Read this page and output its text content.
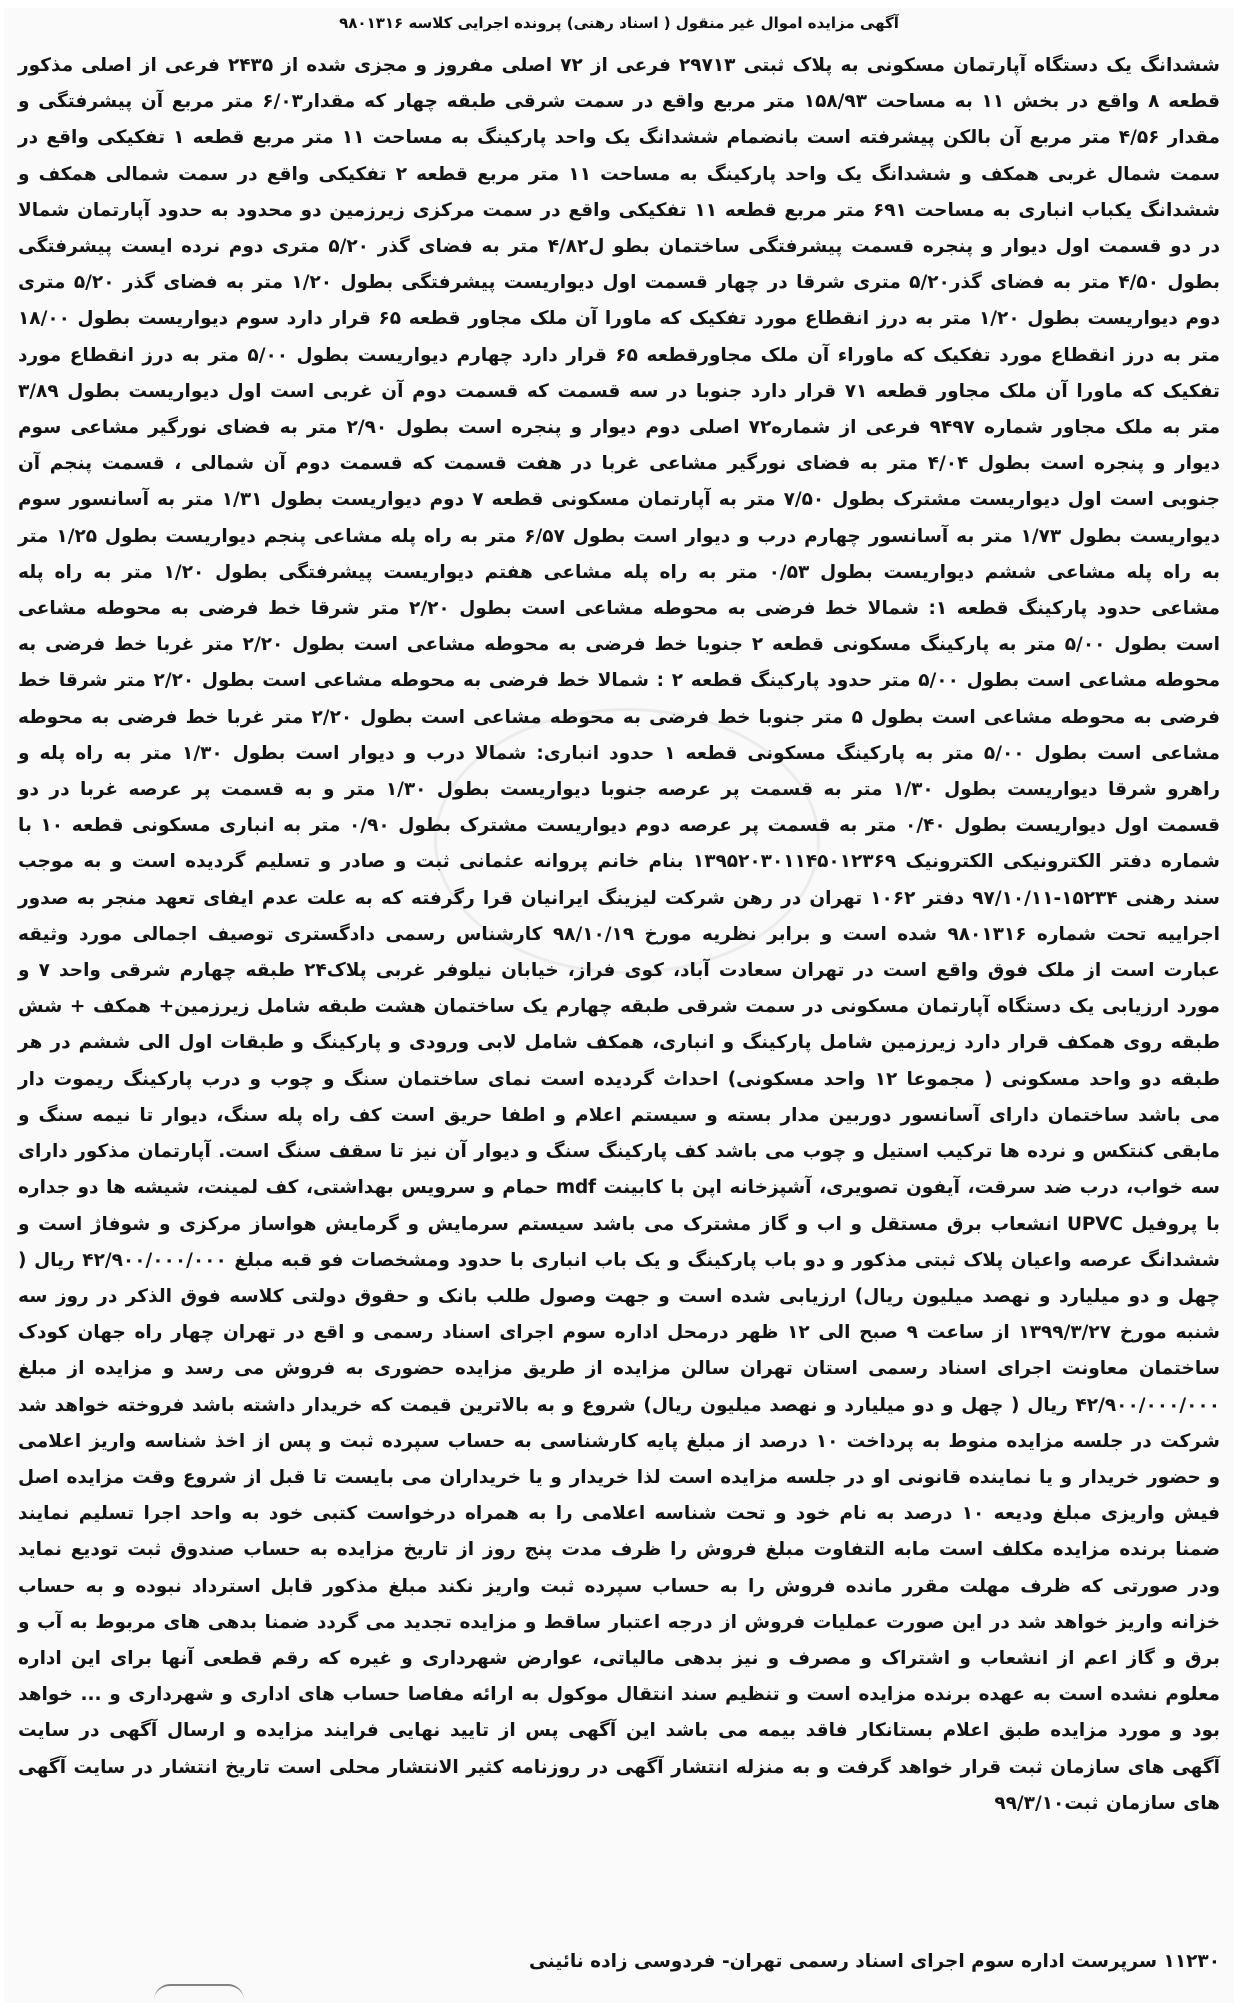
آگهی مزایده اموال غیر منقول ( اسناد رهنی) پرونده اجرایی کلاسه ۹۸۰۱۳۱۶
ششدانگ یک دستگاه آپارتمان مسکونی به پلاک ثبتی ۲۹۷۱۳ فرعی از ۷۲ اصلی مفروز و مجزی شده از ۲۴۳۵ فرعی از اصلی مذکور قطعه ۸ واقع در بخش ۱۱ به مساحت ۱۵۸/۹۳ متر مربع واقع در سمت شرقی طبقه چهار که مقدار۶/۰۳ متر مربع آن پیشرفتگی و مقدار ۴/۵۶ متر مربع آن بالکن پیشرفته است بانضمام ششدانگ یک واحد پارکینگ به مساحت ۱۱ متر مربع قطعه ۱ تفکیکی واقع در سمت شمال غربی همکف و ششدانگ یک واحد پارکینگ به مساحت ۱۱ متر مربع قطعه ۲ تفکیکی واقع در سمت شمالی همکف و ششدانگ یکباب انباری به مساحت ۶۹۱ متر مربع قطعه ۱۱ تفکیکی واقع در سمت مرکزی زیرزمین دو محدود به حدود آپارتمان شمالا در دو قسمت اول دیوار و پنجره قسمت پیشرفتگی ساختمان بطو ل۴/۸۲ متر به فضای گذر ۵/۲۰ متری دوم نرده ایست پیشرفتگی بطول ۴/۵۰ متر به فضای گذر۵/۲۰ متری شرقا در چهار قسمت اول دیواریست پیشرفتگی بطول ۱/۲۰ متر به فضای گذر ۵/۲۰ متری دوم دیواریست بطول ۱/۲۰ متر به درز انقطاع مورد تفکیک که ماورا آن ملک مجاور قطعه ۶۵ قرار دارد سوم دیواریست بطول ۱۸/۰۰ متر به درز انقطاع مورد تفکیک که ماوراء آن ملک مجاورقطعه ۶۵ قرار دارد چهارم دیواریست بطول ۵/۰۰ متر به درز انقطاع مورد تفکیک که ماورا آن ملک مجاور قطعه ۷۱ قرار دارد جنوبا در سه قسمت که قسمت دوم آن غربی است اول دیواریست بطول ۳/۸۹ متر به ملک مجاور شماره ۹۴۹۷ فرعی از شماره۷۲ اصلی دوم دیوار و پنجره است بطول ۲/۹۰ متر به فضای نورگیر مشاعی سوم دیوار و پنجره است بطول ۴/۰۴ متر به فضای نورگیر مشاعی غربا در هفت قسمت که قسمت دوم آن شمالی ، قسمت پنجم آن جنوبی است اول دیواریست مشترک بطول ۷/۵۰ متر به آپارتمان مسکونی قطعه ۷ دوم دیواریست بطول ۱/۳۱ متر به آسانسور سوم دیواریست بطول ۱/۷۳ متر به آسانسور چهارم درب و دیوار است بطول ۶/۵۷ متر به راه پله مشاعی پنجم دیواریست بطول ۱/۲۵ متر به راه پله مشاعی ششم دیواریست بطول ۰/۵۳ متر به راه پله مشاعی هفتم دیواریست پیشرفتگی بطول ۱/۲۰ متر به راه پله مشاعی حدود پارکینگ قطعه ۱: شمالا خط فرضی به محوطه مشاعی است بطول ۲/۲۰ متر شرقا خط فرضی به محوطه مشاعی است بطول ۵/۰۰ متر به پارکینگ مسکونی قطعه ۲ جنوبا خط فرضی به محوطه مشاعی است بطول ۲/۲۰ متر غربا خط فرضی به محوطه مشاعی است بطول ۵/۰۰ متر حدود پارکینگ قطعه ۲ : شمالا خط فرضی به محوطه مشاعی است بطول ۲/۲۰ متر شرقا خط فرضی به محوطه مشاعی است بطول ۵ متر جنوبا خط فرضی به محوطه مشاعی است بطول ۲/۲۰ متر غربا خط فرضی به محوطه مشاعی است بطول ۵/۰۰ متر به پارکینگ مسکونی قطعه ۱ حدود انباری: شمالا درب و دیوار است بطول ۱/۳۰ متر به راه پله و راهرو شرقا دیواریست بطول ۱/۳۰ متر به قسمت پر عرصه جنوبا دیواریست بطول ۱/۳۰ متر و به قسمت پر عرصه غربا در دو قسمت اول دیواریست بطول ۰/۴۰ متر به قسمت پر عرصه دوم دیواریست مشترک بطول ۰/۹۰ متر به انباری مسکونی قطعه ۱۰ با شماره دفتر الکترونیکی الکترونیک ۱۳۹۵۲۰۳۰۱۱۴۵۰۱۲۳۶۹ بنام خانم پروانه عثمانی ثبت و صادر و تسلیم گردیده است و به موجب سند رهنی ۱۵۲۳۴-۹۷/۱۰/۱۱ دفتر ۱۰۶۲ تهران در رهن شرکت لیزینگ ایرانیان قرا رگرفته که به علت عدم ایفای تعهد منجر به صدور اجراییه تحت شماره ۹۸۰۱۳۱۶ شده است و برابر نظریه مورخ ۹۸/۱۰/۱۹ کارشناس رسمی دادگستری توصیف اجمالی مورد وثیقه عبارت است از ملک فوق واقع است در تهران سعادت آباد، کوی فراز، خیابان نیلوفر غربی پلاک۲۴ طبقه چهارم شرقی واحد ۷ و مورد ارزیابی یک دستگاه آپارتمان مسکونی در سمت شرقی طبقه چهارم یک ساختمان هشت طبقه شامل زیرزمین+ همکف + شش طبقه روی همکف قرار دارد زیرزمین شامل پارکینگ و انباری، همکف شامل لابی ورودی و پارکینگ و طبقات اول الی ششم در هر طبقه دو واحد مسکونی ( مجموعا ۱۲ واحد مسکونی) احداث گردیده است نمای ساختمان سنگ و چوب و درب پارکینگ ریموت دار می باشد ساختمان دارای آسانسور دوربین مدار بسته و سیستم اعلام و اطفا حریق است کف راه پله سنگ، دیوار تا نیمه سنگ و مابقی کنتکس و نرده ها ترکیب استیل و چوب می باشد کف پارکینگ سنگ و دیوار آن نیز تا سقف سنگ است. آپارتمان مذکور دارای سه خواب، درب ضد سرقت، آیفون تصویری، آشپزخانه اپن با کابینت mdf حمام و سرویس بهداشتی، کف لمینت، شیشه ها دو جداره با پروفیل UPVC انشعاب برق مستقل و اب و گاز مشترک می باشد سیستم سرمایش و گرمایش هواساز مرکزی و شوفاژ است و ششدانگ عرصه واعیان پلاک ثبتی مذکور و دو باب پارکینگ و یک باب انباری با حدود ومشخصات فو قبه مبلغ ۴۲/۹۰۰/۰۰۰/۰۰۰ ریال ( چهل و دو میلیارد و نهصد میلیون ریال) ارزیابی شده است و جهت وصول طلب بانک و حقوق دولتی کلاسه فوق الذکر در روز سه شنبه مورخ ۱۳۹۹/۳/۲۷ از ساعت ۹ صبح الی ۱۲ ظهر درمحل اداره سوم اجرای اسناد رسمی و اقع در تهران چهار راه جهان کودک ساختمان معاونت اجرای اسناد رسمی استان تهران سالن مزایده از طریق مزایده حضوری به فروش می رسد و مزایده از مبلغ ۴۲/۹۰۰/۰۰۰/۰۰۰ ریال ( چهل و دو میلیارد و نهصد میلیون ریال) شروع و به بالاترین قیمت که خریدار داشته باشد فروخته خواهد شد شرکت در جلسه مزایده منوط به پرداخت ۱۰ درصد از مبلغ پایه کارشناسی به حساب سپرده ثبت و پس از اخذ شناسه واریز اعلامی و حضور خریدار و یا نماینده قانونی او در جلسه مزایده است لذا خریدار و یا خریداران می بایست تا قبل از شروع وقت مزایده اصل فیش واریزی مبلغ ودیعه ۱۰ درصد به نام خود و تحت شناسه اعلامی را به همراه درخواست کتبی خود به واحد اجرا تسلیم نمایند ضمنا برنده مزایده مکلف است مابه التفاوت مبلغ فروش را ظرف مدت پنج روز از تاریخ مزایده به حساب صندوق ثبت تودیع نماید ودر صورتی که ظرف مهلت مقرر مانده فروش را به حساب سپرده ثبت واریز نکند مبلغ مذکور قابل استرداد نبوده و به حساب خزانه واریز خواهد شد در این صورت عملیات فروش از درجه اعتبار ساقط و مزایده تجدید می گردد ضمنا بدهی های مربوط به آب و برق و گاز اعم از انشعاب و اشتراک و مصرف و نیز بدهی مالیاتی، عوارض شهرداری و غیره که رقم قطعی آنها برای این اداره معلوم نشده است به عهده برنده مزایده است و تنظیم سند انتقال موکول به ارائه مفاصا حساب های اداری و شهرداری و ... خواهد بود و مورد مزایده طبق اعلام بستانکار فاقد بیمه می باشد این آگهی پس از تایید نهایی فرایند مزایده و ارسال آگهی در سایت آگهی های سازمان ثبت قرار خواهد گرفت و به منزله انتشار آگهی در روزنامه کثیر الانتشار محلی است تاریخ انتشار در سایت آگهی های سازمان ثبت۹۹/۳/۱۰
۱۱۲۳۰ سرپرست اداره سوم اجرای اسناد رسمی تهران- فردوسی زاده نائینی
